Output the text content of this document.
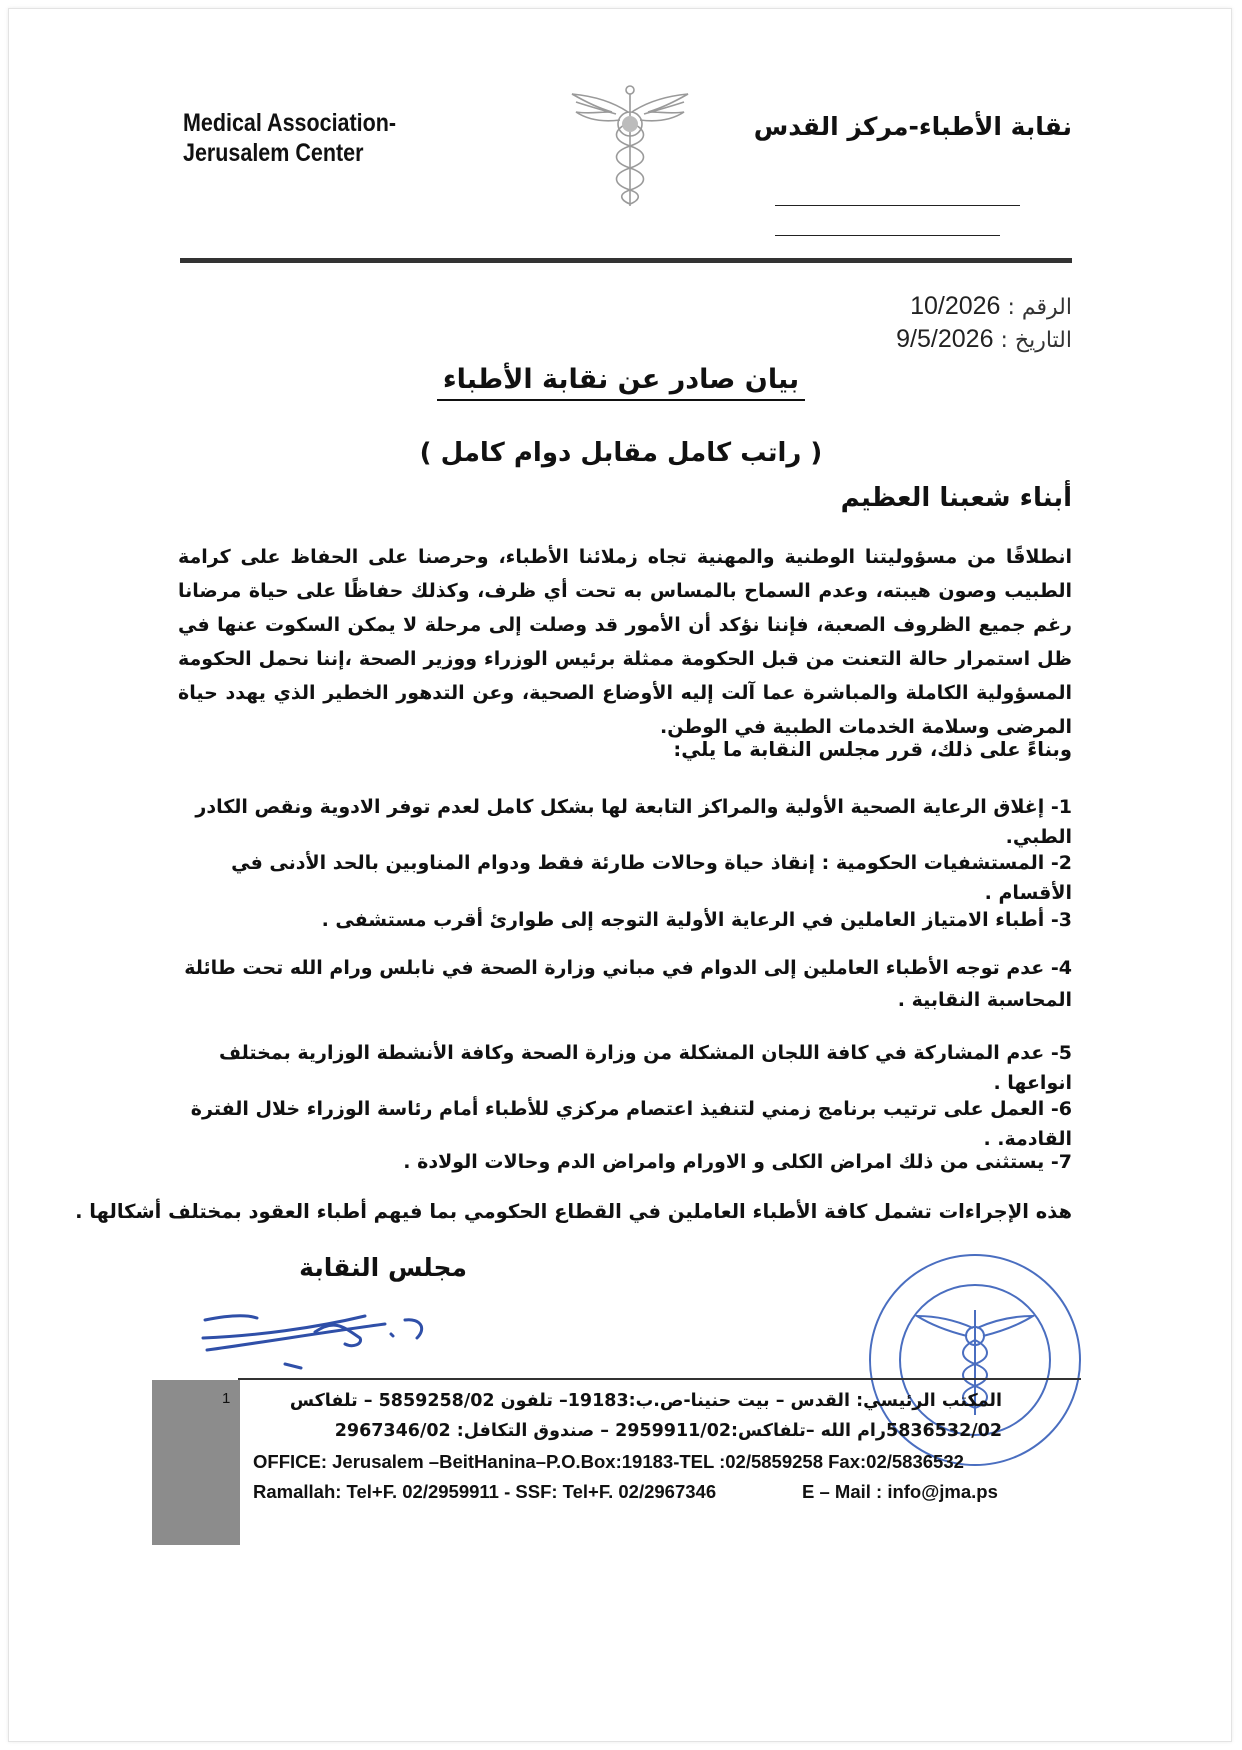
Medical Association-Jerusalem Center
نقابة الأطباء-مركز القدس
الرقم : 10/2026
التاريخ : 9/5/2026
بيان صادر عن نقابة الأطباء
( راتب كامل مقابل دوام كامل )
أبناء شعبنا العظيم
انطلاقًا من مسؤوليتنا الوطنية والمهنية تجاه زملائنا الأطباء، وحرصنا على الحفاظ على كرامة الطبيب وصون هيبته، وعدم السماح بالمساس به تحت أي ظرف، وكذلك حفاظًا على حياة مرضانا رغم جميع الظروف الصعبة، فإننا نؤكد أن الأمور قد وصلت إلى مرحلة لا يمكن السكوت عنها في ظل استمرار حالة التعنت من قبل الحكومة ممثلة برئيس الوزراء ووزير الصحة ،إننا نحمل الحكومة المسؤولية الكاملة والمباشرة عما آلت إليه الأوضاع الصحية، وعن التدهور الخطير الذي يهدد حياة المرضى وسلامة الخدمات الطبية في الوطن.
وبناءً على ذلك، قرر مجلس النقابة ما يلي:

1- إغلاق الرعاية الصحية الأولية والمراكز التابعة لها بشكل كامل لعدم توفر الادوية ونقص الكادر الطبي.

2- المستشفيات الحكومية : إنقاذ حياة وحالات طارئة فقط ودوام المناوبين بالحد الأدنى في الأقسام .

3- أطباء الامتياز العاملين في الرعاية الأولية التوجه إلى طوارئ أقرب مستشفى .

4- عدم توجه الأطباء العاملين إلى الدوام في مباني وزارة الصحة في نابلس ورام الله تحت طائلة المحاسبة النقابية .

5- عدم المشاركة في كافة اللجان المشكلة من وزارة الصحة وكافة الأنشطة الوزارية بمختلف انواعها .

6- العمل على ترتيب برنامج زمني لتنفيذ اعتصام مركزي للأطباء أمام رئاسة الوزراء خلال الفترة القادمة. .

7- يستثنى من ذلك امراض الكلى و الاورام وامراض الدم وحالات الولادة .

هذه الإجراءات تشمل كافة الأطباء العاملين في القطاع الحكومي بما فيهم أطباء العقود بمختلف أشكالها .
مجلس النقابة
1	المكتب الرئيسي: القدس – بيت حنينا-ص.ب:19183– تلفون 5859258/02 – تلفاكس
5836532/02رام الله –تلفاكس:2959911/02 – صندوق التكافل: 2967346/02
OFFICE: Jerusalem –BeitHanina–P.O.Box:19183-TEL :02/5859258 Fax:02/5836532
Ramallah: Tel+F. 02/2959911 - SSF: Tel+F. 02/2967346	E – Mail : info@jma.ps
